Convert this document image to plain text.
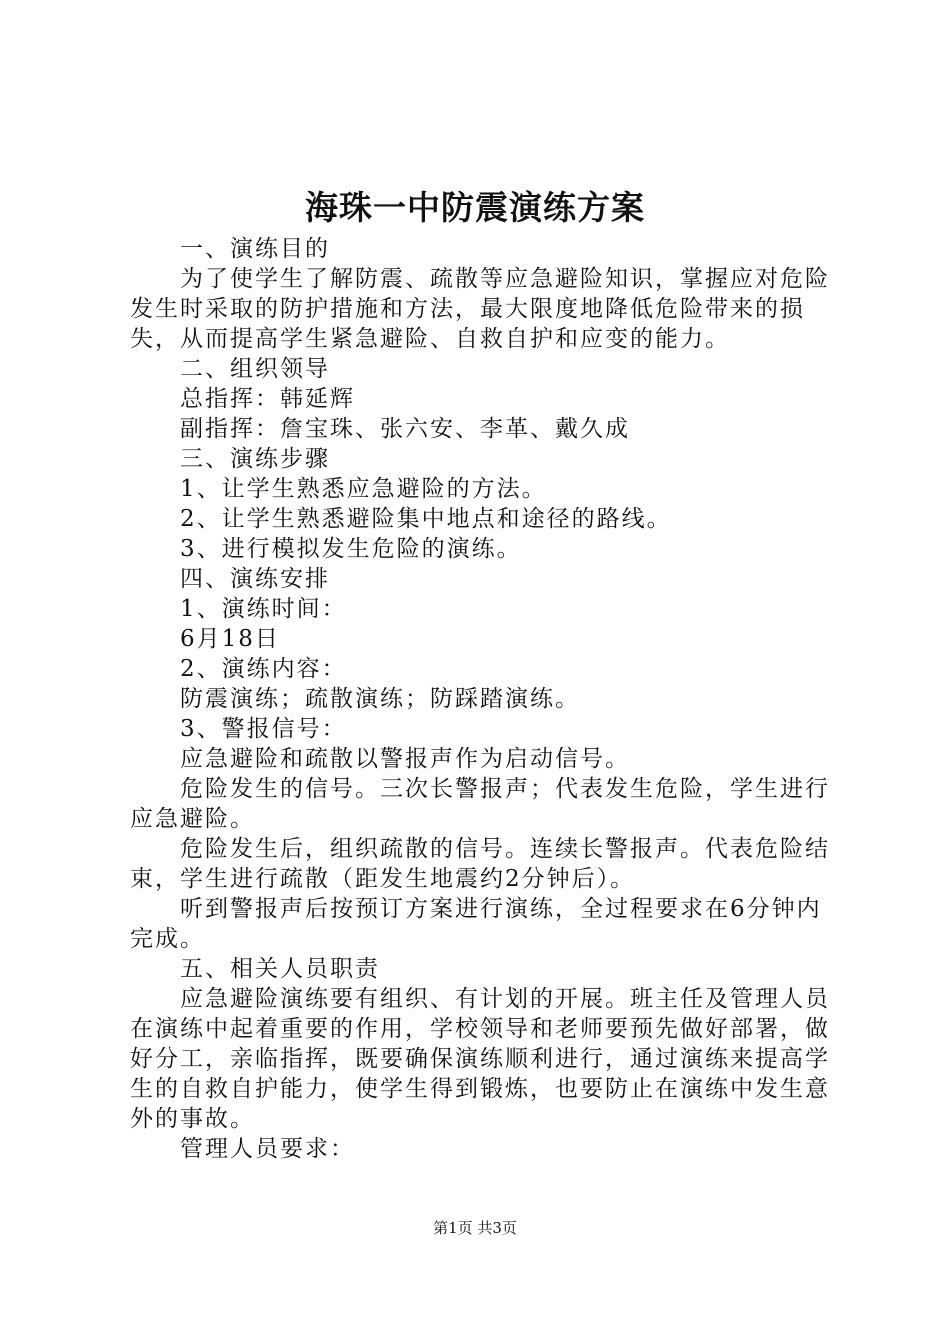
海珠一中防震演练方案

一、演练目的

为了使学生了解防震、疏散等应急避险知识，掌握应对危险发生时采取的防护措施和方法，最大限度地降低危险带来的损失，从而提高学生紧急避险、自救自护和应变的能力。

二、组织领导

总指挥：韩延辉

副指挥：詹宝珠、张六安、李革、戴久成

三、演练步骤

1、让学生熟悉应急避险的方法。

2、让学生熟悉避险集中地点和途径的路线。

3、进行模拟发生危险的演练。

四、演练安排

1、演练时间：

6月18日

2、演练内容：

防震演练；疏散演练；防踩踏演练。

3、警报信号：

应急避险和疏散以警报声作为启动信号。

危险发生的信号。三次长警报声；代表发生危险，学生进行应急避险。

危险发生后，组织疏散的信号。连续长警报声。代表危险结束，学生进行疏散（距发生地震约2分钟后）。

听到警报声后按预订方案进行演练，全过程要求在6分钟内完成。

五、相关人员职责

应急避险演练要有组织、有计划的开展。班主任及管理人员在演练中起着重要的作用，学校领导和老师要预先做好部署，做好分工，亲临指挥，既要确保演练顺利进行，通过演练来提高学生的自救自护能力，使学生得到锻炼，也要防止在演练中发生意外的事故。

管理人员要求：

第1页 共3页
